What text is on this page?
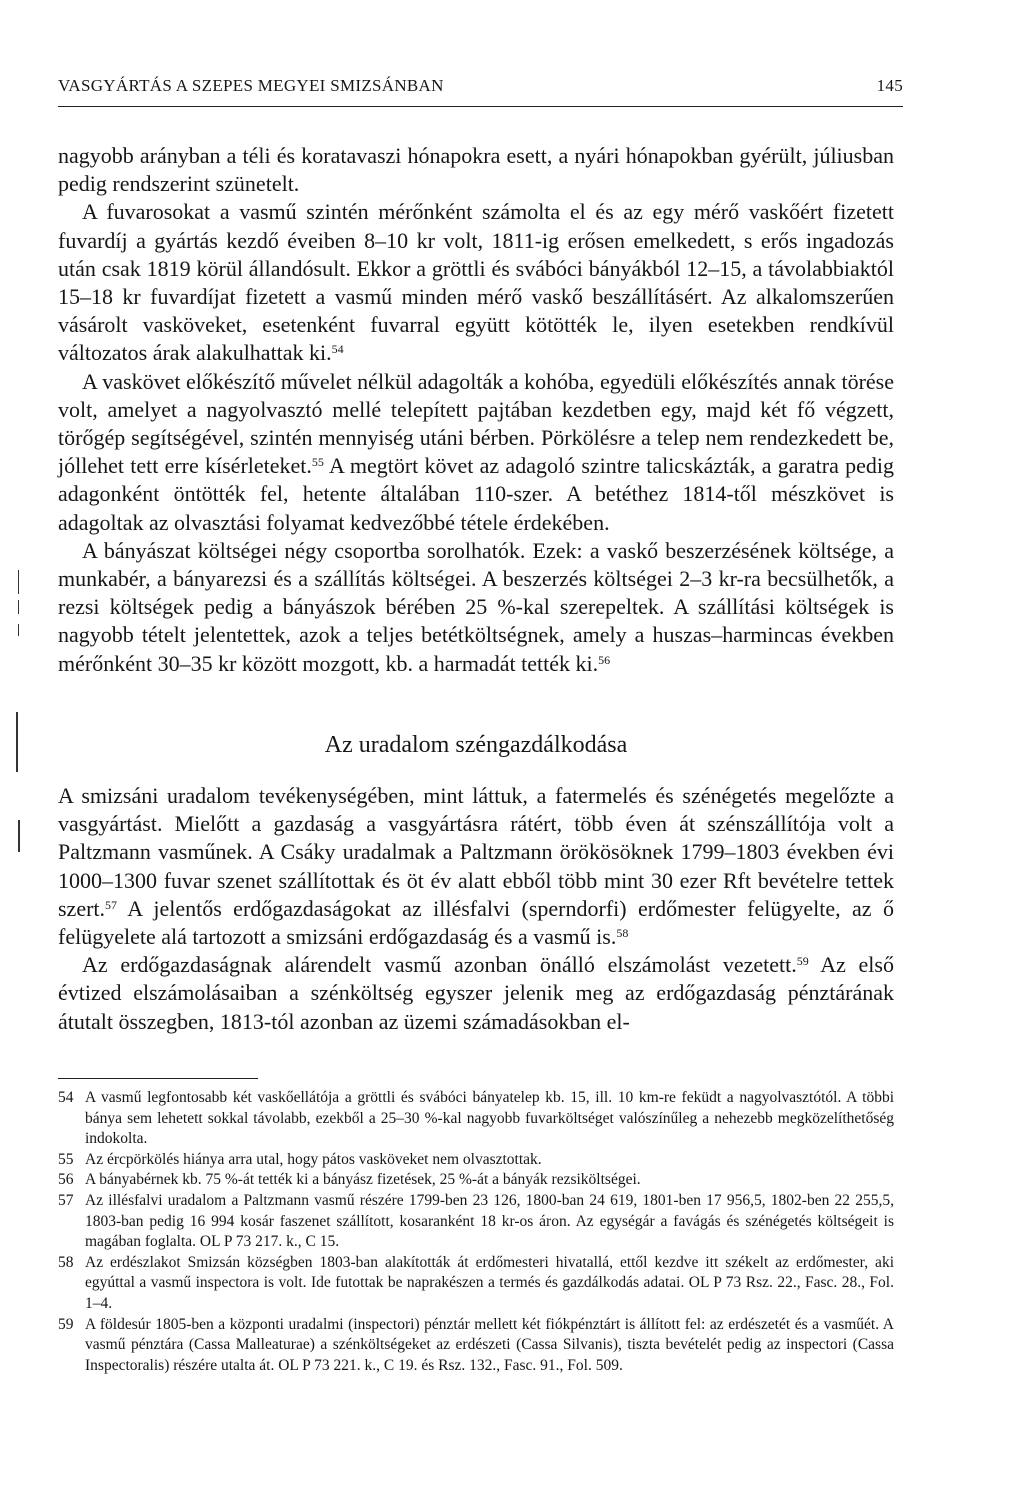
VASGYÁRTÁS A SZEPES MEGYEI SMIZSÁNBAN	145

nagyobb arányban a téli és koratavaszi hónapokra esett, a nyári hónapokban gyérült, júliusban pedig rendszerint szünetelt.

A fuvarosokat a vasmű szintén mérőnként számolta el és az egy mérő vaskőért fizetett fuvardíj a gyártás kezdő éveiben 8–10 kr volt, 1811-ig erősen emelkedett, s erős ingadozás után csak 1819 körül állandósult. Ekkor a gröttli és svábóci bányákból 12–15, a távolabbiaktól 15–18 kr fuvardíjat fizetett a vasmű minden mérő vaskő beszállításért. Az alkalomszerűen vásárolt vasköveket, esetenként fuvarral együtt kötötték le, ilyen esetekben rendkívül változatos árak alakulhattak ki.$^{54}$

A vaskövet előkészítő művelet nélkül adagolták a kohóba, egyedüli előkészítés annak törése volt, amelyet a nagyolvasztó mellé telepített pajtában kezdetben egy, majd két fő végzett, törőgép segítségével, szintén mennyiség utáni bérben. Pörkölésre a telep nem rendezkedett be, jóllehet tett erre kísérleteket.$^{55}$ A megtört követ az adagoló szintre talicskázták, a garatra pedig adagonként öntötték fel, hetente általában 110-szer. A betéthez 1814-től mészkövet is adagoltak az olvasztási folyamat kedvezőbbé tétele érdekében.

A bányászat költségei négy csoportba sorolhatók. Ezek: a vaskő beszerzésének költsége, a munkabér, a bányarezsi és a szállítás költségei. A beszerzés költségei 2–3 kr-ra becsülhetők, a rezsi költségek pedig a bányászok bérében 25 %-kal szerepeltek. A szállítási költségek is nagyobb tételt jelentettek, azok a teljes betétköltségnek, amely a huszas–harmincas években mérőnként 30–35 kr között mozgott, kb. a harmadát tették ki.$^{56}$

Az uradalom széngazdálkodása

A smizsáni uradalom tevékenységében, mint láttuk, a fatermelés és szénégetés megelőzte a vasgyártást. Mielőtt a gazdaság a vasgyártásra rátért, több éven át szénszállítója volt a Paltzmann vasműnek. A Csáky uradalmak a Paltzmann örökösöknek 1799–1803 években évi 1000–1300 fuvar szenet szállítottak és öt év alatt ebből több mint 30 ezer Rft bevételre tettek szert.$^{57}$ A jelentős erdőgazdaságokat az illésfalvi (sperndorfi) erdőmester felügyelte, az ő felügyelete alá tartozott a smizsáni erdőgazdaság és a vasmű is.$^{58}$

Az erdőgazdaságnak alárendelt vasmű azonban önálló elszámolást vezetett.$^{59}$ Az első évtized elszámolásaiban a szénköltség egyszer jelenik meg az erdőgazdaság pénztárának átutalt összegben, 1813-tól azonban az üzemi számadásokban el-

54 A vasmű legfontosabb két vaskőellátója a gröttli és svábóci bányatelep kb. 15, ill. 10 km-re feküdt a nagyolvasztótól. A többi bánya sem lehetett sokkal távolabb, ezekből a 25–30 %-kal nagyobb fuvarköltséget valószínűleg a nehezebb megközelíthetőség indokolta.
55 Az ércpörkölés hiánya arra utal, hogy pátos vasköveket nem olvasztottak.
56 A bányabérnek kb. 75 %-át tették ki a bányász fizetések, 25 %-át a bányák rezsiköltségei.
57 Az illésfalvi uradalom a Paltzmann vasmű részére 1799-ben 23 126, 1800-ban 24 619, 1801-ben 17 956,5, 1802-ben 22 255,5, 1803-ban pedig 16 994 kosár faszenet szállított, kosaranként 18 kr-os áron. Az egységár a favágás és szénégetés költségeit is magában foglalta. OL P 73 217. k., C 15.
58 Az erdészlakot Smizsán községben 1803-ban alakították át erdőmesteri hivatallá, ettől kezdve itt székelt az erdőmester, aki egyúttal a vasmű inspectora is volt. Ide futottak be naprakészen a termés és gazdálkodás adatai. OL P 73 Rsz. 22., Fasc. 28., Fol. 1–4.
59 A földesúr 1805-ben a központi uradalmi (inspectori) pénztár mellett két fiókpénztárt is állított fel: az erdészetét és a vasműét. A vasmű pénztára (Cassa Malleaturae) a szénköltségeket az erdészeti (Cassa Silvanis), tiszta bevételét pedig az inspectori (Cassa Inspectoralis) részére utalta át. OL P 73 221. k., C 19. és Rsz. 132., Fasc. 91., Fol. 509.
